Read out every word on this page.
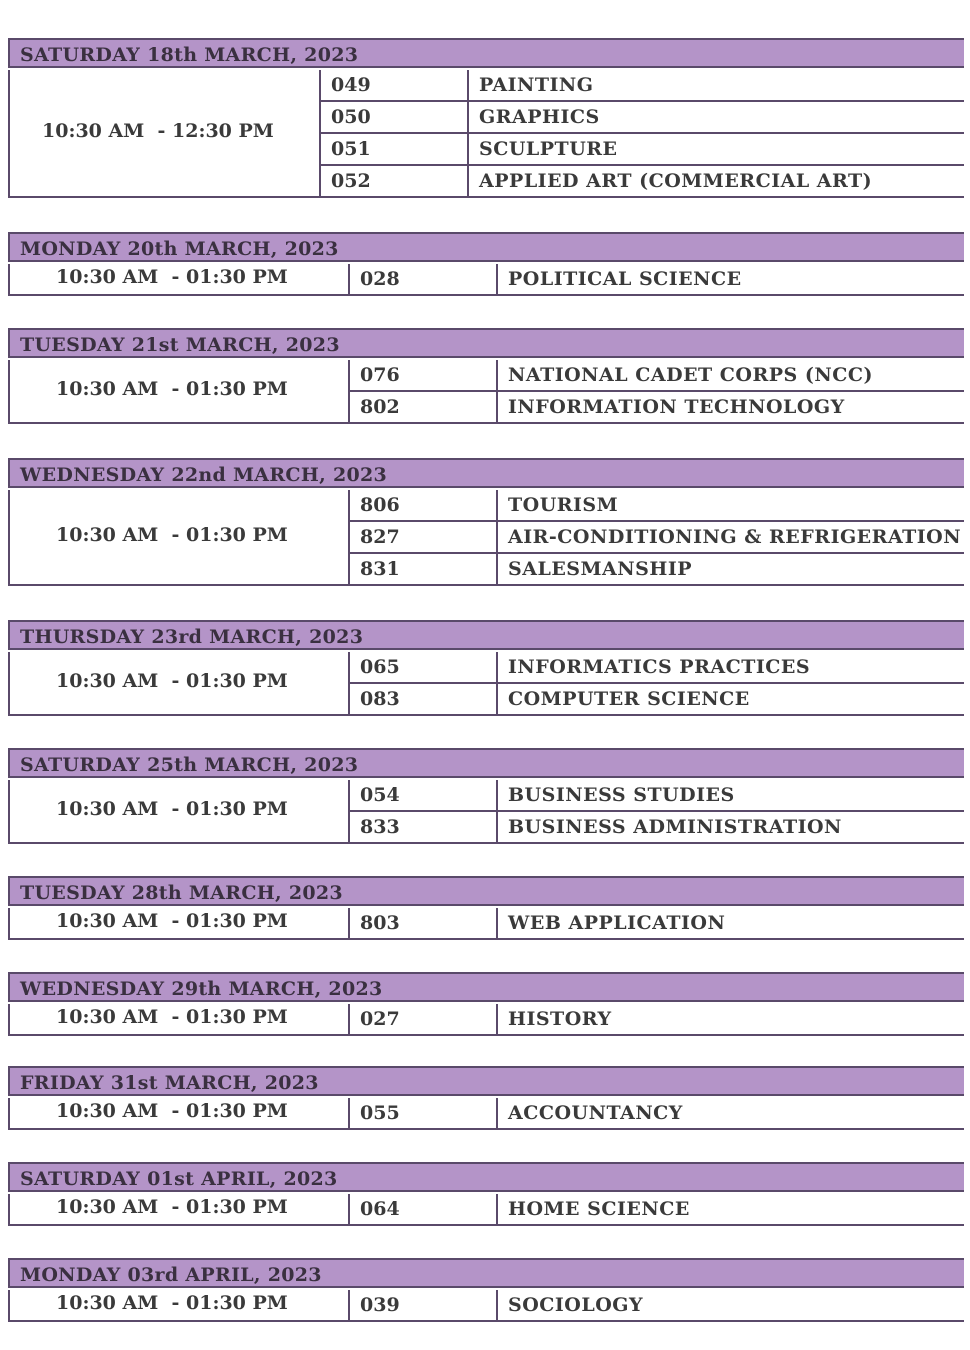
SATURDAY 18th MARCH, 2023
10:30 AM  - 12:30 PM
049	PAINTING
050	GRAPHICS
051	SCULPTURE
052	APPLIED ART (COMMERCIAL ART)
MONDAY 20th MARCH, 2023
10:30 AM  - 01:30 PM	028	POLITICAL SCIENCE
TUESDAY 21st MARCH, 2023
10:30 AM  - 01:30 PM
076	NATIONAL CADET CORPS (NCC)
802	INFORMATION TECHNOLOGY
WEDNESDAY 22nd MARCH, 2023
10:30 AM  - 01:30 PM
806	TOURISM
827	AIR-CONDITIONING & REFRIGERATION
831	SALESMANSHIP
THURSDAY 23rd MARCH, 2023
10:30 AM  - 01:30 PM
065	INFORMATICS PRACTICES
083	COMPUTER SCIENCE
SATURDAY 25th MARCH, 2023
10:30 AM  - 01:30 PM
054	BUSINESS STUDIES
833	BUSINESS ADMINISTRATION
TUESDAY 28th MARCH, 2023
10:30 AM  - 01:30 PM	803	WEB APPLICATION
WEDNESDAY 29th MARCH, 2023
10:30 AM  - 01:30 PM	027	HISTORY
FRIDAY 31st MARCH, 2023
10:30 AM  - 01:30 PM	055	ACCOUNTANCY
SATURDAY 01st APRIL, 2023
10:30 AM  - 01:30 PM	064	HOME SCIENCE
MONDAY 03rd APRIL, 2023
10:30 AM  - 01:30 PM	039	SOCIOLOGY
